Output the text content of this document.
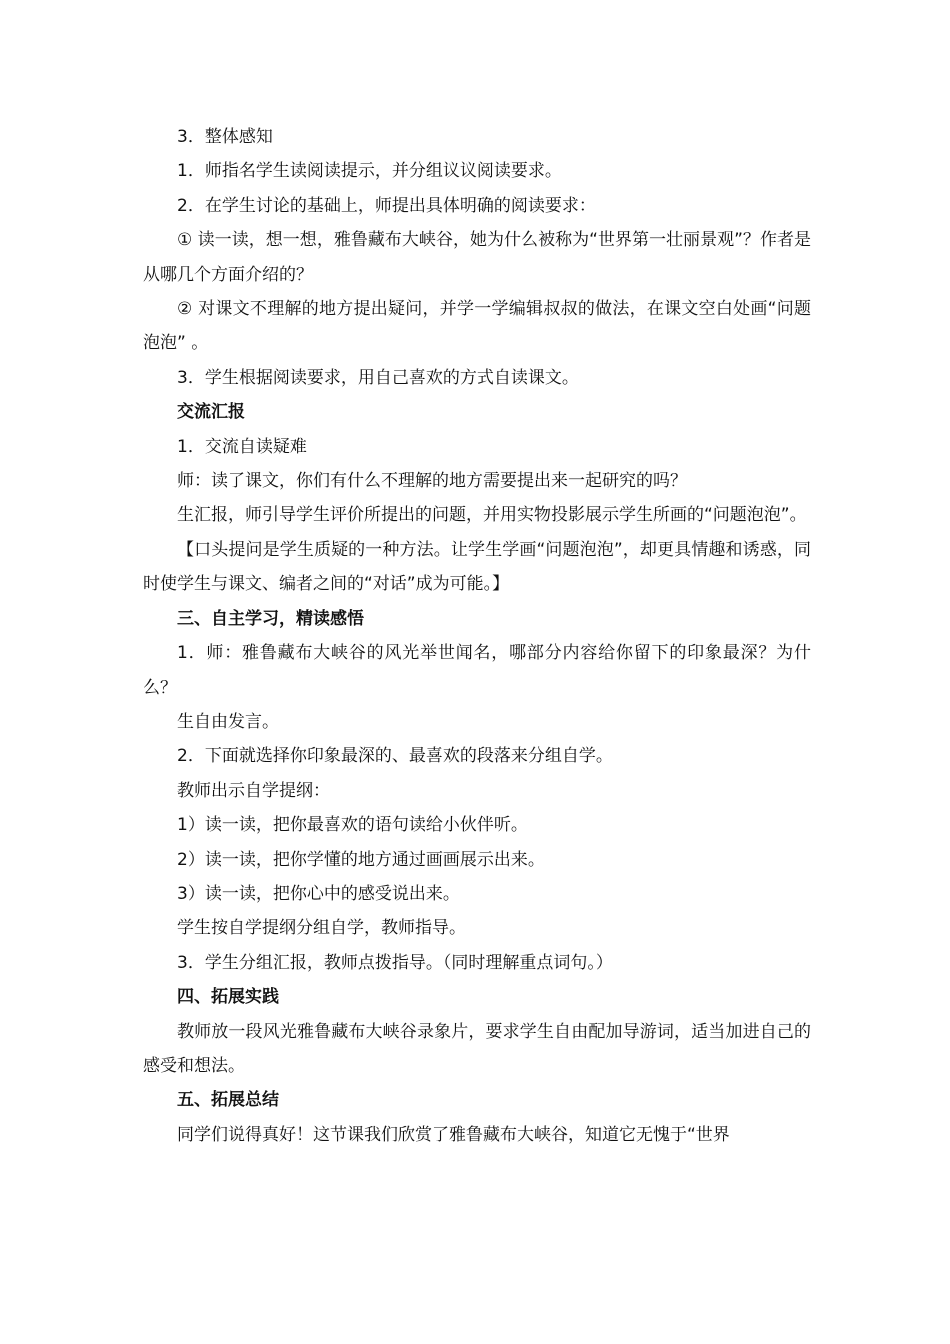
3．整体感知

1．师指名学生读阅读提示，并分组议议阅读要求。

2．在学生讨论的基础上，师提出具体明确的阅读要求：

① 读一读，想一想，雅鲁藏布大峡谷，她为什么被称为“世界第一壮丽景观”？作者是从哪几个方面介绍的？

② 对课文不理解的地方提出疑问，并学一学编辑叔叔的做法，在课文空白处画“问题泡泡” 。

3．学生根据阅读要求，用自己喜欢的方式自读课文。

交流汇报

1．交流自读疑难

师：读了课文，你们有什么不理解的地方需要提出来一起研究的吗？

生汇报，师引导学生评价所提出的问题，并用实物投影展示学生所画的“问题泡泡”。

【口头提问是学生质疑的一种方法。让学生学画“问题泡泡”，却更具情趣和诱惑，同时使学生与课文、编者之间的“对话”成为可能。】

三、自主学习，精读感悟

1．师：雅鲁藏布大峡谷的风光举世闻名，哪部分内容给你留下的印象最深？为什么？

生自由发言。

2．下面就选择你印象最深的、最喜欢的段落来分组自学。

教师出示自学提纲：

1）读一读，把你最喜欢的语句读给小伙伴听。

2）读一读，把你学懂的地方通过画画展示出来。

3）读一读，把你心中的感受说出来。

学生按自学提纲分组自学，教师指导。

3．学生分组汇报，教师点拨指导。（同时理解重点词句。）

四、拓展实践

教师放一段风光雅鲁藏布大峡谷录象片，要求学生自由配加导游词，适当加进自己的感受和想法。

五、拓展总结

同学们说得真好！这节课我们欣赏了雅鲁藏布大峡谷，知道它无愧于“世界
